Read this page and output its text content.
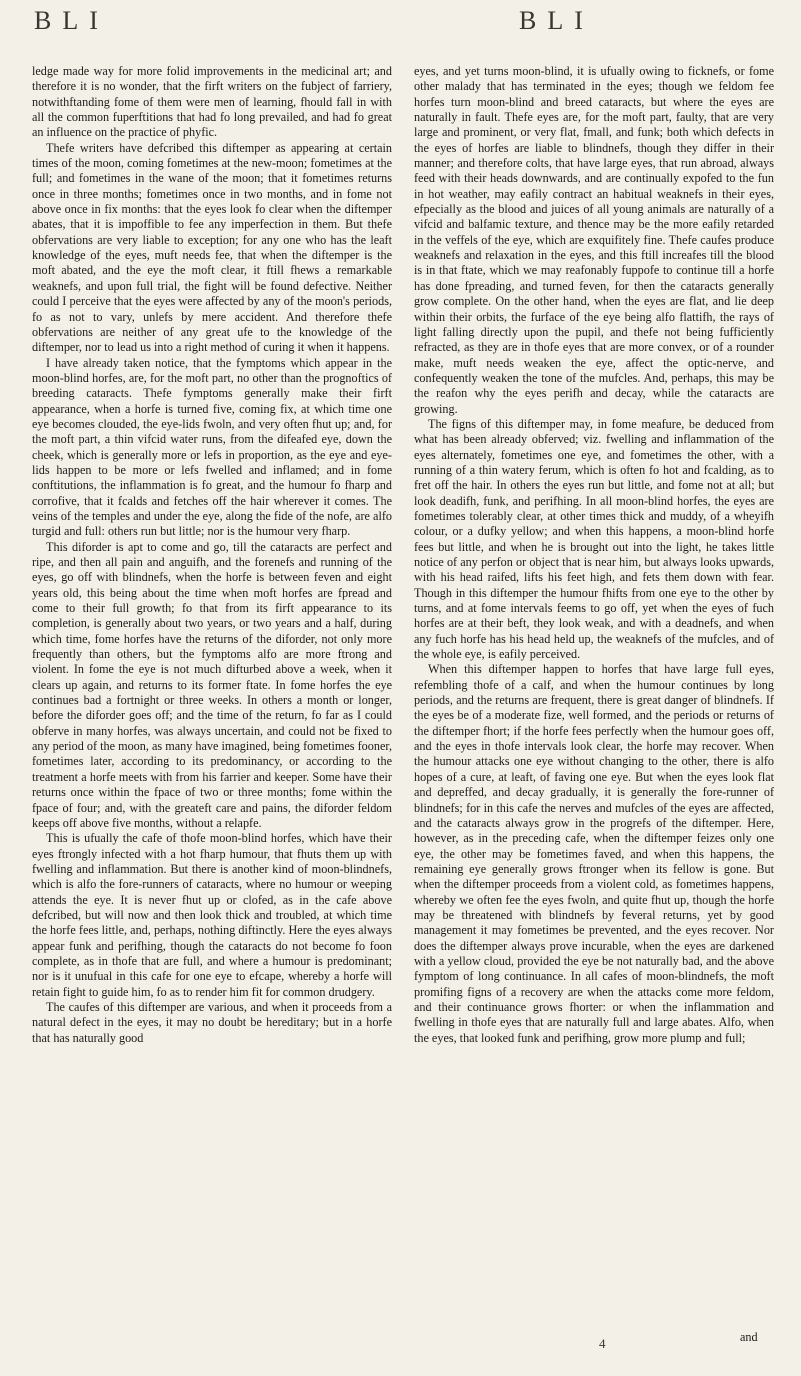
BLI	BLI

ledge made way for more folid improvements in the medicinal art; and therefore it is no wonder, that the firft writers on the fubject of farriery, notwithftanding fome of them were men of learning, fhould fall in with all the common fuperftitions that had fo long prevailed, and had fo great an influence on the practice of phyfic.

Thefe writers have defcribed this diftemper as appearing at certain times of the moon, coming fometimes at the new-moon; fometimes at the full; and fometimes in the wane of the moon; that it fometimes returns once in three months; fometimes once in two months, and in fome not above once in fix months: that the eyes look fo clear when the diftemper abates, that it is impoffible to fee any imperfection in them. But thefe obfervations are very liable to exception; for any one who has the leaft knowledge of the eyes, muft needs fee, that when the diftemper is the moft abated, and the eye the moft clear, it ftill fhews a remarkable weaknefs, and upon full trial, the fight will be found defective. Neither could I perceive that the eyes were affected by any of the moon's periods, fo as not to vary, unlefs by mere accident. And therefore thefe obfervations are neither of any great ufe to the knowledge of the diftemper, nor to lead us into a right method of curing it when it happens.

I have already taken notice, that the fymptoms which appear in the moon-blind horfes, are, for the moft part, no other than the prognoftics of breeding cataracts. Thefe fymptoms generally make their firft appearance, when a horfe is turned five, coming fix, at which time one eye becomes clouded, the eye-lids fwoln, and very often fhut up; and, for the moft part, a thin vifcid water runs, from the difeafed eye, down the cheek, which is generally more or lefs in proportion, as the eye and eye-lids happen to be more or lefs fwelled and inflamed; and in fome conftitutions, the inflammation is fo great, and the humour fo fharp and corrofive, that it fcalds and fetches off the hair wherever it comes. The veins of the temples and under the eye, along the fide of the nofe, are alfo turgid and full: others run but little; nor is the humour very fharp.

This diforder is apt to come and go, till the cataracts are perfect and ripe, and then all pain and anguifh, and the forenefs and running of the eyes, go off with blindnefs, when the horfe is between feven and eight years old, this being about the time when moft horfes are fpread and come to their full growth; fo that from its firft appearance to its completion, is generally about two years, or two years and a half, during which time, fome horfes have the returns of the diforder, not only more frequently than others, but the fymptoms alfo are more ftrong and violent. In fome the eye is not much difturbed above a week, when it clears up again, and returns to its former ftate. In fome horfes the eye continues bad a fortnight or three weeks. In others a month or longer, before the diforder goes off; and the time of the return, fo far as I could obferve in many horfes, was always uncertain, and could not be fixed to any period of the moon, as many have imagined, being fometimes fooner, fometimes later, according to its predominancy, or according to the treatment a horfe meets with from his farrier and keeper. Some have their returns once within the fpace of two or three months; fome within the fpace of four; and, with the greateft care and pains, the diforder feldom keeps off above five months, without a relapfe.

This is ufually the cafe of thofe moon-blind horfes, which have their eyes ftrongly infected with a hot fharp humour, that fhuts them up with fwelling and inflammation. But there is another kind of moon-blindnefs, which is alfo the fore-runners of cataracts, where no humour or weeping attends the eye. It is never fhut up or clofed, as in the cafe above defcribed, but will now and then look thick and troubled, at which time the horfe fees little, and, perhaps, nothing diftinctly. Here the eyes always appear funk and perifhing, though the cataracts do not become fo foon complete, as in thofe that are full, and where a humour is predominant; nor is it unufual in this cafe for one eye to efcape, whereby a horfe will retain fight to guide him, fo as to render him fit for common drudgery.

The caufes of this diftemper are various, and when it proceeds from a natural defect in the eyes, it may no doubt be hereditary; but in a horfe that has naturally good

eyes, and yet turns moon-blind, it is ufually owing to ficknefs, or fome other malady that has terminated in the eyes; though we feldom fee horfes turn moon-blind and breed cataracts, but where the eyes are naturally in fault. Thefe eyes are, for the moft part, faulty, that are very large and prominent, or very flat, fmall, and funk; both which defects in the eyes of horfes are liable to blindnefs, though they differ in their manner; and therefore colts, that have large eyes, that run abroad, always feed with their heads downwards, and are continually expofed to the fun in hot weather, may eafily contract an habitual weaknefs in their eyes, efpecially as the blood and juices of all young animals are naturally of a vifcid and balfamic texture, and thence may be the more eafily retarded in the veffels of the eye, which are exquifitely fine. Thefe caufes produce weaknefs and relaxation in the eyes, and this ftill increafes till the blood is in that ftate, which we may reafonably fuppofe to continue till a horfe has done fpreading, and turned feven, for then the cataracts generally grow complete. On the other hand, when the eyes are flat, and lie deep within their orbits, the furface of the eye being alfo flattifh, the rays of light falling directly upon the pupil, and thefe not being fufficiently refracted, as they are in thofe eyes that are more convex, or of a rounder make, muft needs weaken the eye, affect the optic-nerve, and confequently weaken the tone of the mufcles. And, perhaps, this may be the reafon why the eyes perifh and decay, while the cataracts are growing.

The figns of this diftemper may, in fome meafure, be deduced from what has been already obferved; viz. fwelling and inflammation of the eyes alternately, fometimes one eye, and fometimes the other, with a running of a thin watery ferum, which is often fo hot and fcalding, as to fret off the hair. In others the eyes run but little, and fome not at all; but look deadifh, funk, and perifhing. In all moon-blind horfes, the eyes are fometimes tolerably clear, at other times thick and muddy, of a wheyifh colour, or a dufky yellow; and when this happens, a moon-blind horfe fees but little, and when he is brought out into the light, he takes little notice of any perfon or object that is near him, but always looks upwards, with his head raifed, lifts his feet high, and fets them down with fear. Though in this diftemper the humour fhifts from one eye to the other by turns, and at fome intervals feems to go off, yet when the eyes of fuch horfes are at their beft, they look weak, and with a deadnefs, and when any fuch horfe has his head held up, the weaknefs of the mufcles, and of the whole eye, is eafily perceived.

When this diftemper happen to horfes that have large full eyes, refembling thofe of a calf, and when the humour continues by long periods, and the returns are frequent, there is great danger of blindnefs. If the eyes be of a moderate fize, well formed, and the periods or returns of the diftemper fhort; if the horfe fees perfectly when the humour goes off, and the eyes in thofe intervals look clear, the horfe may recover. When the humour attacks one eye without changing to the other, there is alfo hopes of a cure, at leaft, of faving one eye. But when the eyes look flat and depreffed, and decay gradually, it is generally the fore-runner of blindnefs; for in this cafe the nerves and mufcles of the eyes are affected, and the cataracts always grow in the progrefs of the diftemper. Here, however, as in the preceding cafe, when the diftemper feizes only one eye, the other may be fometimes faved, and when this happens, the remaining eye generally grows ftronger when its fellow is gone. But when the diftemper proceeds from a violent cold, as fometimes happens, whereby we often fee the eyes fwoln, and quite fhut up, though the horfe may be threatened with blindnefs by feveral returns, yet by good management it may fometimes be prevented, and the eyes recover. Nor does the diftemper always prove incurable, when the eyes are darkened with a yellow cloud, provided the eye be not naturally bad, and the above fymptom of long continuance. In all cafes of moon-blindnefs, the moft promifing figns of a recovery are when the attacks come more feldom, and their continuance grows fhorter: or when the inflammation and fwelling in thofe eyes that are naturally full and large abates. Alfo, when the eyes, that looked funk and perifhing, grow more plump and full;

4	and
